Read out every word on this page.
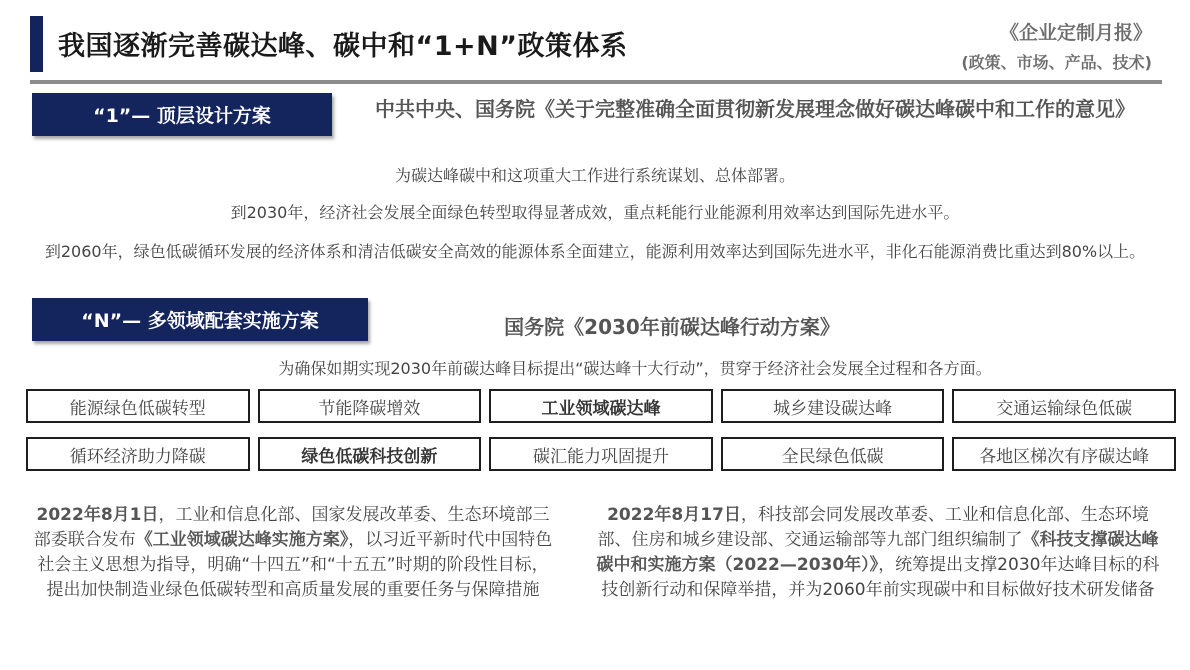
我国逐渐完善碳达峰、碳中和“1+N”政策体系	《企业定制月报》
(政策、市场、产品、技术)
“1”— 顶层设计方案	中共中央、国务院《关于完整准确全面贯彻新发展理念做好碳达峰碳中和工作的意见》
为碳达峰碳中和这项重大工作进行系统谋划、总体部署。
到2030年，经济社会发展全面绿色转型取得显著成效，重点耗能行业能源利用效率达到国际先进水平。
到2060年，绿色低碳循环发展的经济体系和清洁低碳安全高效的能源体系全面建立，能源利用效率达到国际先进水平，非化石能源消费比重达到80%以上。
“N”— 多领域配套实施方案	国务院《2030年前碳达峰行动方案》
为确保如期实现2030年前碳达峰目标提出“碳达峰十大行动”，贯穿于经济社会发展全过程和各方面。
能源绿色低碳转型	节能降碳增效	工业领域碳达峰	城乡建设碳达峰	交通运输绿色低碳
循环经济助力降碳	绿色低碳科技创新	碳汇能力巩固提升	全民绿色低碳	各地区梯次有序碳达峰
2022年8月1日，工业和信息化部、国家发展改革委、生态环境部三部委联合发布《工业领域碳达峰实施方案》，以习近平新时代中国特色社会主义思想为指导，明确“十四五”和“十五五”时期的阶段性目标，提出加快制造业绿色低碳转型和高质量发展的重要任务与保障措施
2022年8月17日，科技部会同发展改革委、工业和信息化部、生态环境部、住房和城乡建设部、交通运输部等九部门组织编制了《科技支撑碳达峰碳中和实施方案（2022—2030年）》，统筹提出支撑2030年达峰目标的科技创新行动和保障举措，并为2060年前实现碳中和目标做好技术研发储备
